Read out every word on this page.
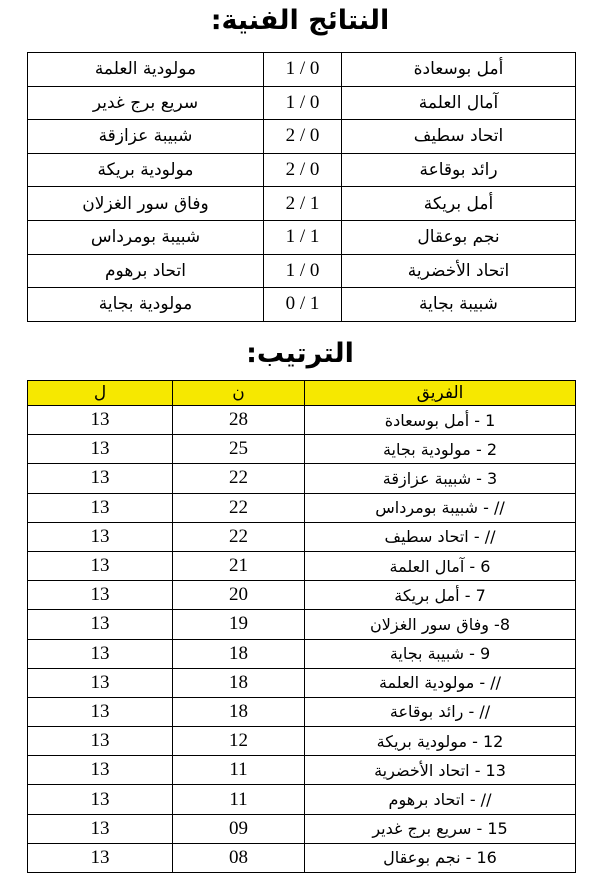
النتائج الفنية:
أمل بوسعادة	1 / 0	مولودية العلمة
آمال العلمة	1 / 0	سريع برج غدير
اتحاد سطيف	2 / 0	شبيبة عزازقة
رائد بوقاعة	2 / 0	مولودية بريكة
أمل بريكة	2 / 1	وفاق سور الغزلان
نجم بوعقال	1 / 1	شبيبة بومرداس
اتحاد الأخضرية	1 / 0	اتحاد برهوم
شبيبة بجاية	0 / 1	مولودية بجاية
الترتيب:
الفريق	ن	ل
1 - أمل بوسعادة	28	13
2 - مولودية بجاية	25	13
3 - شبيبة عزازقة	22	13
// - شبيبة بومرداس	22	13
// - اتحاد سطيف	22	13
6 - آمال العلمة	21	13
7 - أمل بريكة	20	13
8- وفاق سور الغزلان	19	13
9 - شبيبة بجاية	18	13
// - مولودية العلمة	18	13
// - رائد بوقاعة	18	13
12 - مولودية بريكة	12	13
13 - اتحاد الأخضرية	11	13
// - اتحاد برهوم	11	13
15 - سريع برج غدير	09	13
16 - نجم بوعقال	08	13
